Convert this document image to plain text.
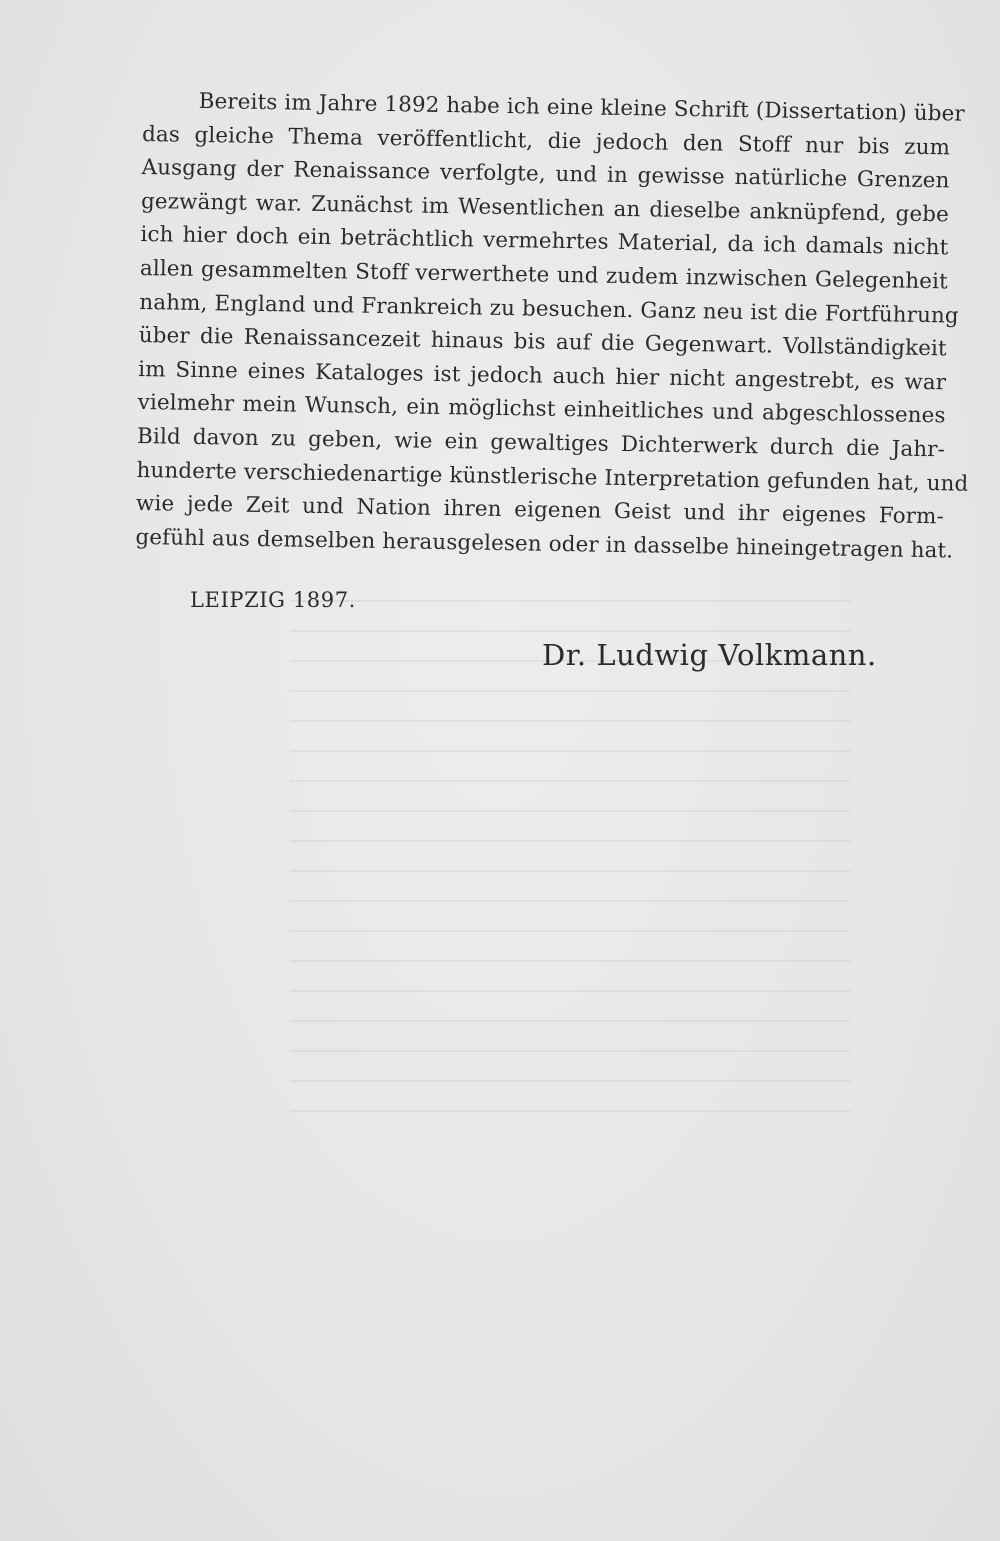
Bereits im Jahre 1892 habe ich eine kleine Schrift (Dissertation) über
das gleiche Thema veröffentlicht, die jedoch den Stoff nur bis zum
Ausgang der Renaissance verfolgte, und in gewisse natürliche Grenzen
gezwängt war. Zunächst im Wesentlichen an dieselbe anknüpfend, gebe
ich hier doch ein beträchtlich vermehrtes Material, da ich damals nicht
allen gesammelten Stoff verwerthete und zudem inzwischen Gelegenheit
nahm, England und Frankreich zu besuchen. Ganz neu ist die Fortführung
über die Renaissancezeit hinaus bis auf die Gegenwart. Vollständigkeit
im Sinne eines Kataloges ist jedoch auch hier nicht angestrebt, es war
vielmehr mein Wunsch, ein möglichst einheitliches und abgeschlossenes
Bild davon zu geben, wie ein gewaltiges Dichterwerk durch die Jahr-
hunderte verschiedenartige künstlerische Interpretation gefunden hat, und
wie jede Zeit und Nation ihren eigenen Geist und ihr eigenes Form-
gefühl aus demselben herausgelesen oder in dasselbe hineingetragen hat.
LEIPZIG 1897.
Dr. Ludwig Volkmann.
